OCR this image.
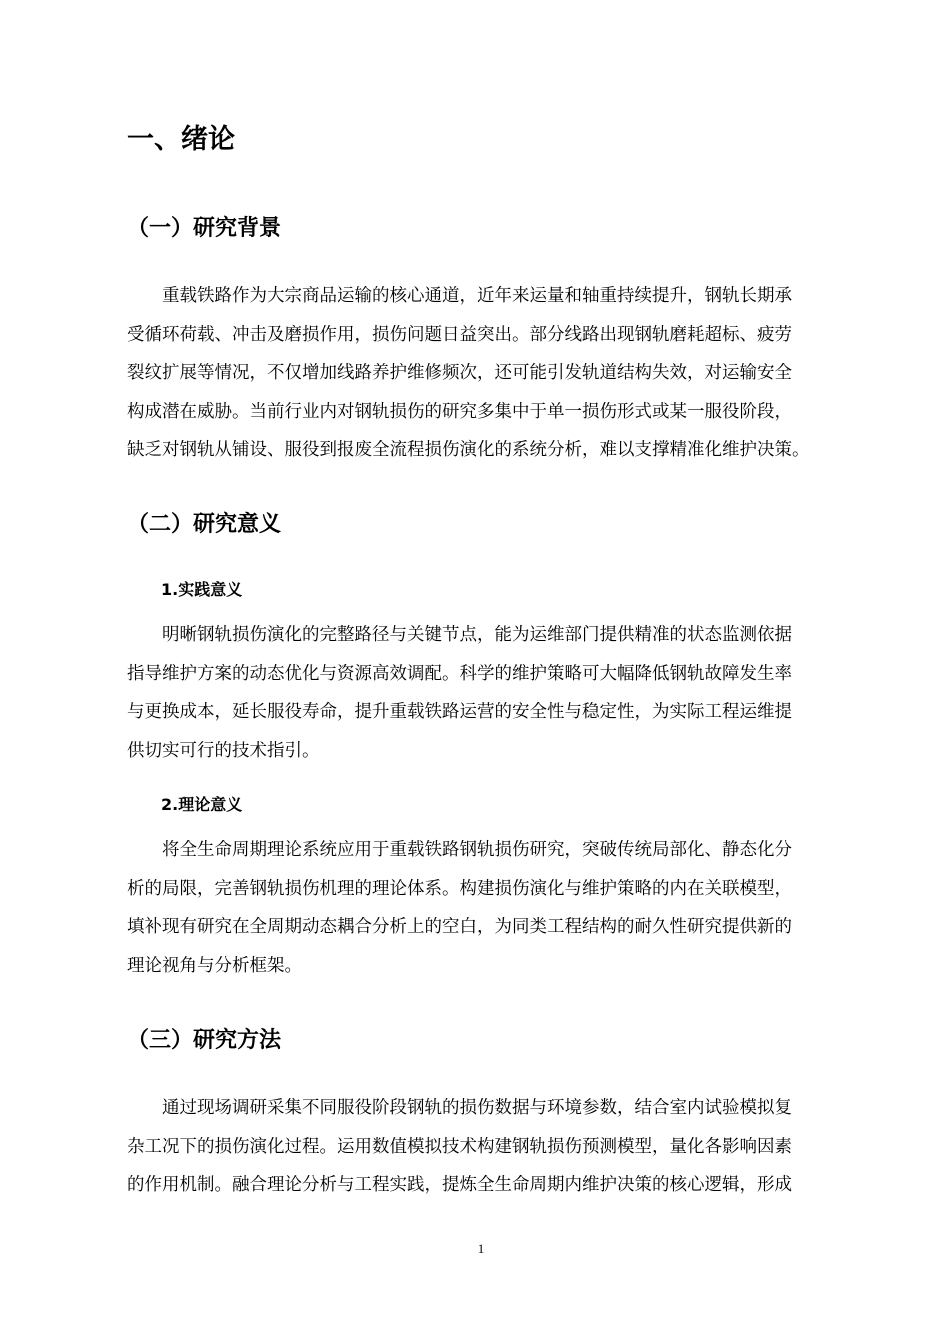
一、绪论
（一）研究背景
　　重载铁路作为大宗商品运输的核心通道，近年来运量和轴重持续提升，钢轨长期承
受循环荷载、冲击及磨损作用，损伤问题日益突出。部分线路出现钢轨磨耗超标、疲劳
裂纹扩展等情况，不仅增加线路养护维修频次，还可能引发轨道结构失效，对运输安全
构成潜在威胁。当前行业内对钢轨损伤的研究多集中于单一损伤形式或某一服役阶段，
缺乏对钢轨从铺设、服役到报废全流程损伤演化的系统分析，难以支撑精准化维护决策。
（二）研究意义
1.实践意义
　　明晰钢轨损伤演化的完整路径与关键节点，能为运维部门提供精准的状态监测依据
指导维护方案的动态优化与资源高效调配。科学的维护策略可大幅降低钢轨故障发生率
与更换成本，延长服役寿命，提升重载铁路运营的安全性与稳定性，为实际工程运维提
供切实可行的技术指引。
2.理论意义
　　将全生命周期理论系统应用于重载铁路钢轨损伤研究，突破传统局部化、静态化分
析的局限，完善钢轨损伤机理的理论体系。构建损伤演化与维护策略的内在关联模型，
填补现有研究在全周期动态耦合分析上的空白，为同类工程结构的耐久性研究提供新的
理论视角与分析框架。
（三）研究方法
　　通过现场调研采集不同服役阶段钢轨的损伤数据与环境参数，结合室内试验模拟复
杂工况下的损伤演化过程。运用数值模拟技术构建钢轨损伤预测模型，量化各影响因素
的作用机制。融合理论分析与工程实践，提炼全生命周期内维护决策的核心逻辑，形成
1
